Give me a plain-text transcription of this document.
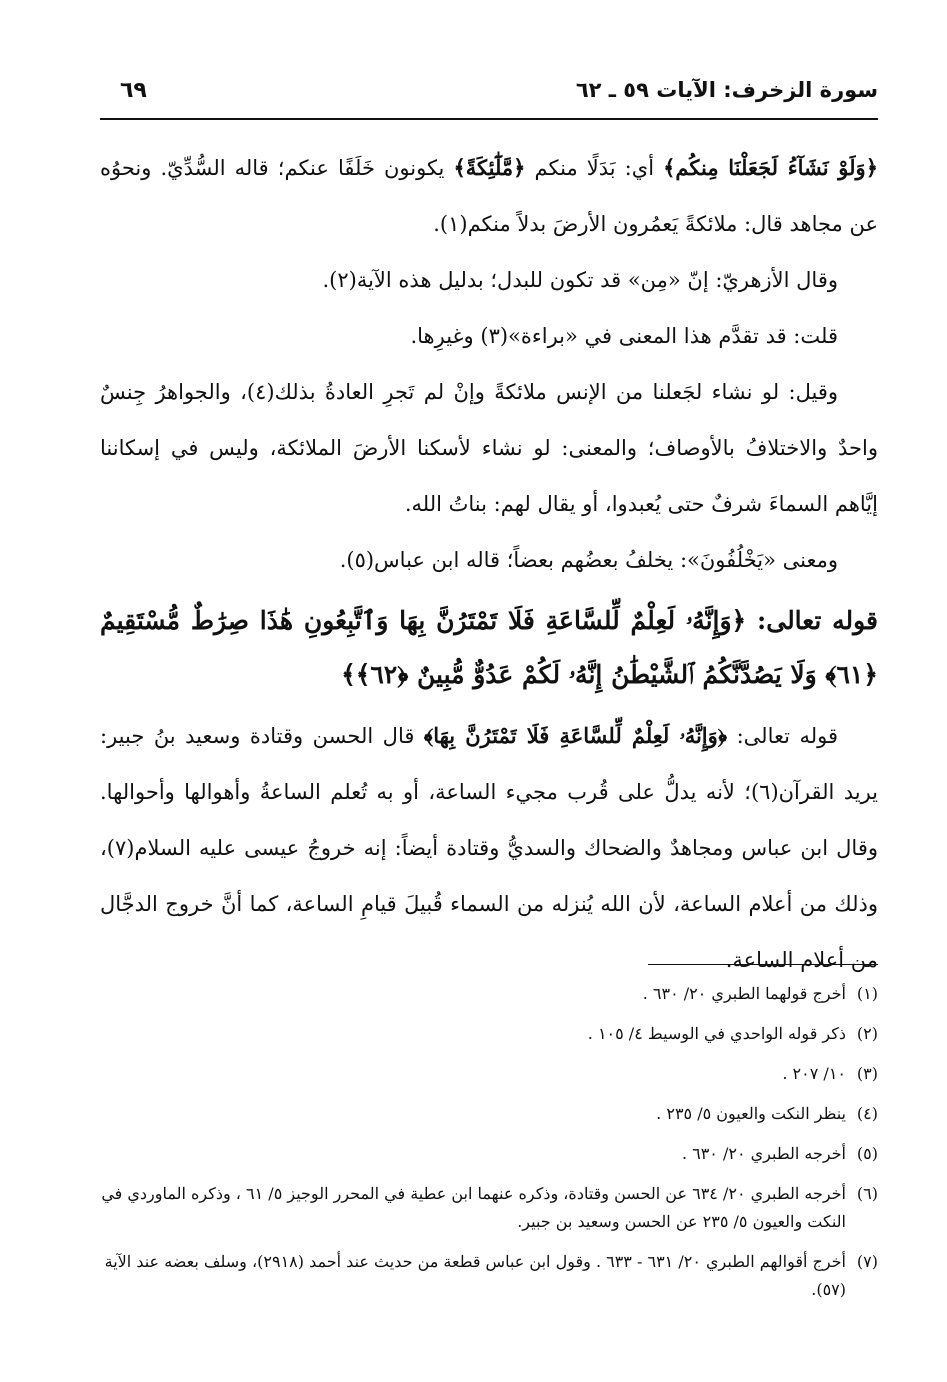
سورة الزخرف: الآيات ٥٩ ـ ٦٢
٦٩

﴿وَلَوْ نَشَآءُ لَجَعَلْنَا مِنكُم﴾ أي: بَدَلًا منكم ﴿مَّلَٰٓئِكَةً﴾ يكونون خَلَفًا عنكم؛ قاله السُّدِّيّ. ونحوُه عن مجاهد قال: ملائكةً يَعمُرون الأرضَ بدلاً منكم(١).

وقال الأزهريّ: إنّ «مِن» قد تكون للبدل؛ بدليل هذه الآية(٢).

قلت: قد تقدَّم هذا المعنى في «براءة»(٣) وغيرِها.

وقيل: لو نشاء لجَعلنا من الإنس ملائكةً وإنْ لم تَجرِ العادةُ بذلك(٤)، والجواهرُ جِنسٌ واحدٌ والاختلافُ بالأوصاف؛ والمعنى: لو نشاء لأسكنا الأرضَ الملائكة، وليس في إسكاننا إيَّاهم السماءَ شرفٌ حتى يُعبدوا، أو يقال لهم: بناتُ الله.

ومعنى «يَخْلُفُونَ»: يخلفُ بعضُهم بعضاً؛ قاله ابن عباس(٥).

قوله تعالى: ﴿وَإِنَّهُۥ لَعِلْمٌ لِّلسَّاعَةِ فَلَا تَمْتَرُنَّ بِهَا وَٱتَّبِعُونِ هَٰذَا صِرَٰطٌ مُّسْتَقِيمٌ ﴿٦١﴾ وَلَا يَصُدَّنَّكُمُ ٱلشَّيْطَٰنُ إِنَّهُۥ لَكُمْ عَدُوٌّ مُّبِينٌ ﴿٦٢﴾﴾

قوله تعالى: ﴿وَإِنَّهُۥ لَعِلْمٌ لِّلسَّاعَةِ فَلَا تَمْتَرُنَّ بِهَا﴾ قال الحسن وقتادة وسعيد بنُ جبير: يريد القرآن(٦)؛ لأنه يدلُّ على قُرب مجيء الساعة، أو به تُعلم الساعةُ وأهوالها وأحوالها. وقال ابن عباس ومجاهدٌ والضحاك والسديُّ وقتادة أيضاً: إنه خروجُ عيسى عليه السلام(٧)، وذلك من أعلام الساعة، لأن الله يُنزله من السماء قُبيلَ قيامِ الساعة، كما أنَّ خروج الدجَّال من أعلام الساعة.

(١)
أخرج قولهما الطبري ٢٠/ ٦٣٠ .
(٢)
ذكر قوله الواحدي في الوسيط ٤/ ١٠٥ .
(٣)
١٠/ ٢٠٧ .
(٤)
ينظر النكت والعيون ٥/ ٢٣٥ .
(٥)
أخرجه الطبري ٢٠/ ٦٣٠ .
(٦)
أخرجه الطبري ٢٠/ ٦٣٤ عن الحسن وقتادة، وذكره عنهما ابن عطية في المحرر الوجيز ٥/ ٦١ ، وذكره الماوردي في النكت والعيون ٥/ ٢٣٥ عن الحسن وسعيد بن جبير.
(٧)
أخرج أقوالهم الطبري ٢٠/ ٦٣١ - ٦٣٣ . وقول ابن عباس قطعة من حديث عند أحمد (٢٩١٨)، وسلف بعضه عند الآية (٥٧).
